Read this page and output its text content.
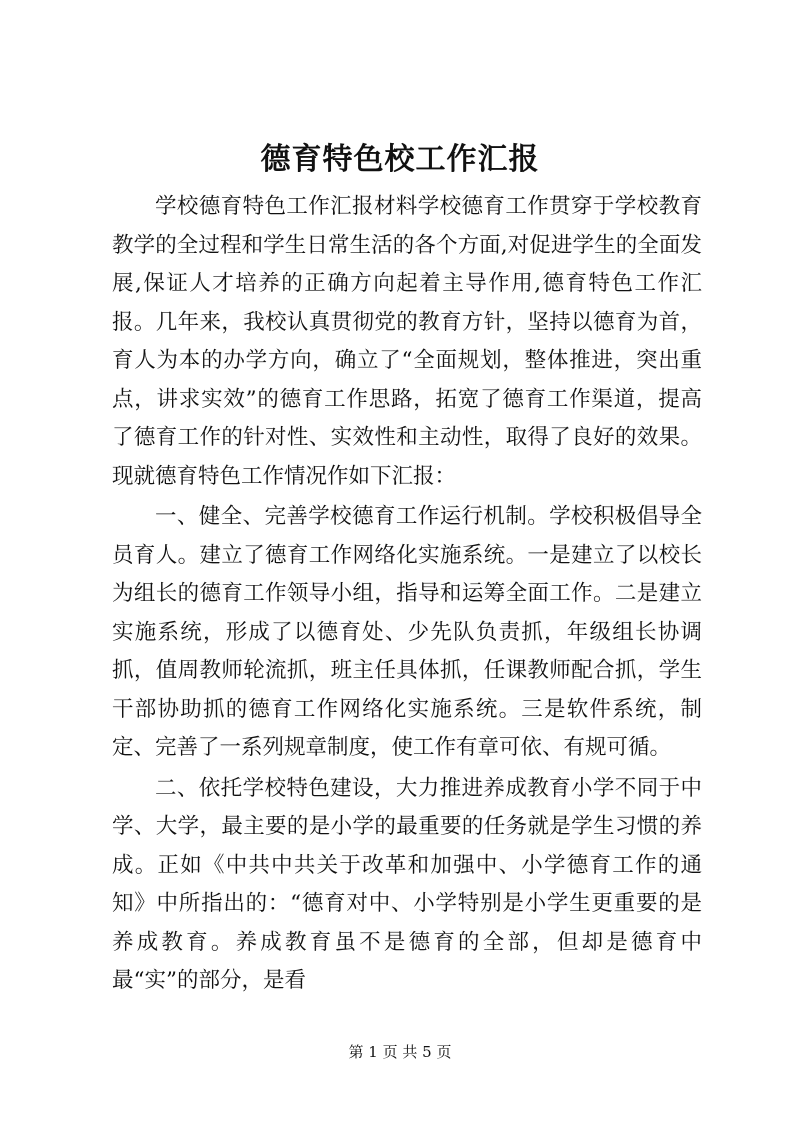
德育特色校工作汇报

学校德育特色工作汇报材料学校德育工作贯穿于学校教育教学的全过程和学生日常生活的各个方面,对促进学生的全面发展,保证人才培养的正确方向起着主导作用,德育特色工作汇报。几年来，我校认真贯彻党的教育方针，坚持以德育为首，育人为本的办学方向，确立了“全面规划，整体推进，突出重点，讲求实效”的德育工作思路，拓宽了德育工作渠道，提高了德育工作的针对性、实效性和主动性，取得了良好的效果。现就德育特色工作情况作如下汇报：

一、健全、完善学校德育工作运行机制。学校积极倡导全员育人。建立了德育工作网络化实施系统。一是建立了以校长为组长的德育工作领导小组，指导和运筹全面工作。二是建立实施系统，形成了以德育处、少先队负责抓，年级组长协调抓，值周教师轮流抓，班主任具体抓，任课教师配合抓，学生干部协助抓的德育工作网络化实施系统。三是软件系统，制定、完善了一系列规章制度，使工作有章可依、有规可循。

二、依托学校特色建设，大力推进养成教育小学不同于中学、大学，最主要的是小学的最重要的任务就是学生习惯的养成。正如《中共中共关于改革和加强中、小学德育工作的通知》中所指出的：“德育对中、小学特别是小学生更重要的是养成教育。养成教育虽不是德育的全部，但却是德育中最“实”的部分，是看

第 1 页 共 5 页
